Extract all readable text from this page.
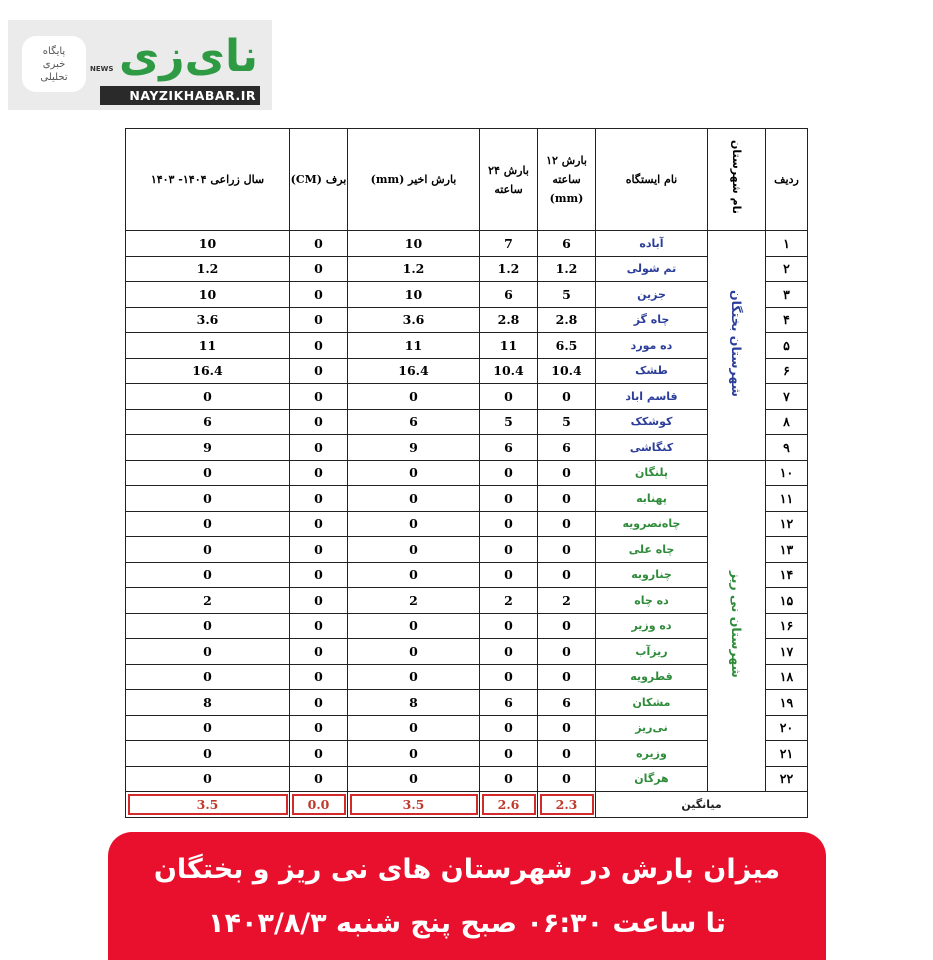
پایگاه
خبری
تحلیلی
NEWS نای‌زی
NAYZIKHABAR.IR
ردیف	نام شهرستان	نام ایستگاه	بارش ۱۲ ساعته (mm)	بارش ۲۴ ساعته	بارش اخیر (mm)	برف (CM)	سال زراعی ۱۴۰۴- ۱۴۰۳
۱	شهرستان بختگان	آباده	6	7	10	0	10
۲		تم شولی	1.2	1.2	1.2	0	1.2
۳		جزین	5	6	10	0	10
۴		چاه گز	2.8	2.8	3.6	0	3.6
۵		ده مورد	6.5	11	11	0	11
۶		طشک	10.4	10.4	16.4	0	16.4
۷		قاسم اباد	0	0	0	0	0
۸		کوشکک	5	5	6	0	6
۹		کنگاشی	6	6	9	0	9
۱۰	شهرستان نی ریز	پلنگان	0	0	0	0	0
۱۱		پهنابه	0	0	0	0	0
۱۲		چاه‌نصرویه	0	0	0	0	0
۱۳		چاه علی	0	0	0	0	0
۱۴		چناروبه	0	0	0	0	0
۱۵		ده چاه	2	2	2	0	2
۱۶		ده وزیر	0	0	0	0	0
۱۷		ریزآب	0	0	0	0	0
۱۸		قطرویه	0	0	0	0	0
۱۹		مشکان	6	6	8	0	8
۲۰		نی‌ریز	0	0	0	0	0
۲۱		وزیره	0	0	0	0	0
۲۲		هرگان	0	0	0	0	0
میانگین			2.3	2.6	3.5	0.0	3.5
میزان بارش در شهرستان های نی ریز و بختگان
تا ساعت ۰۶:۳۰ صبح پنج شنبه ۱۴۰۳/۸/۳
